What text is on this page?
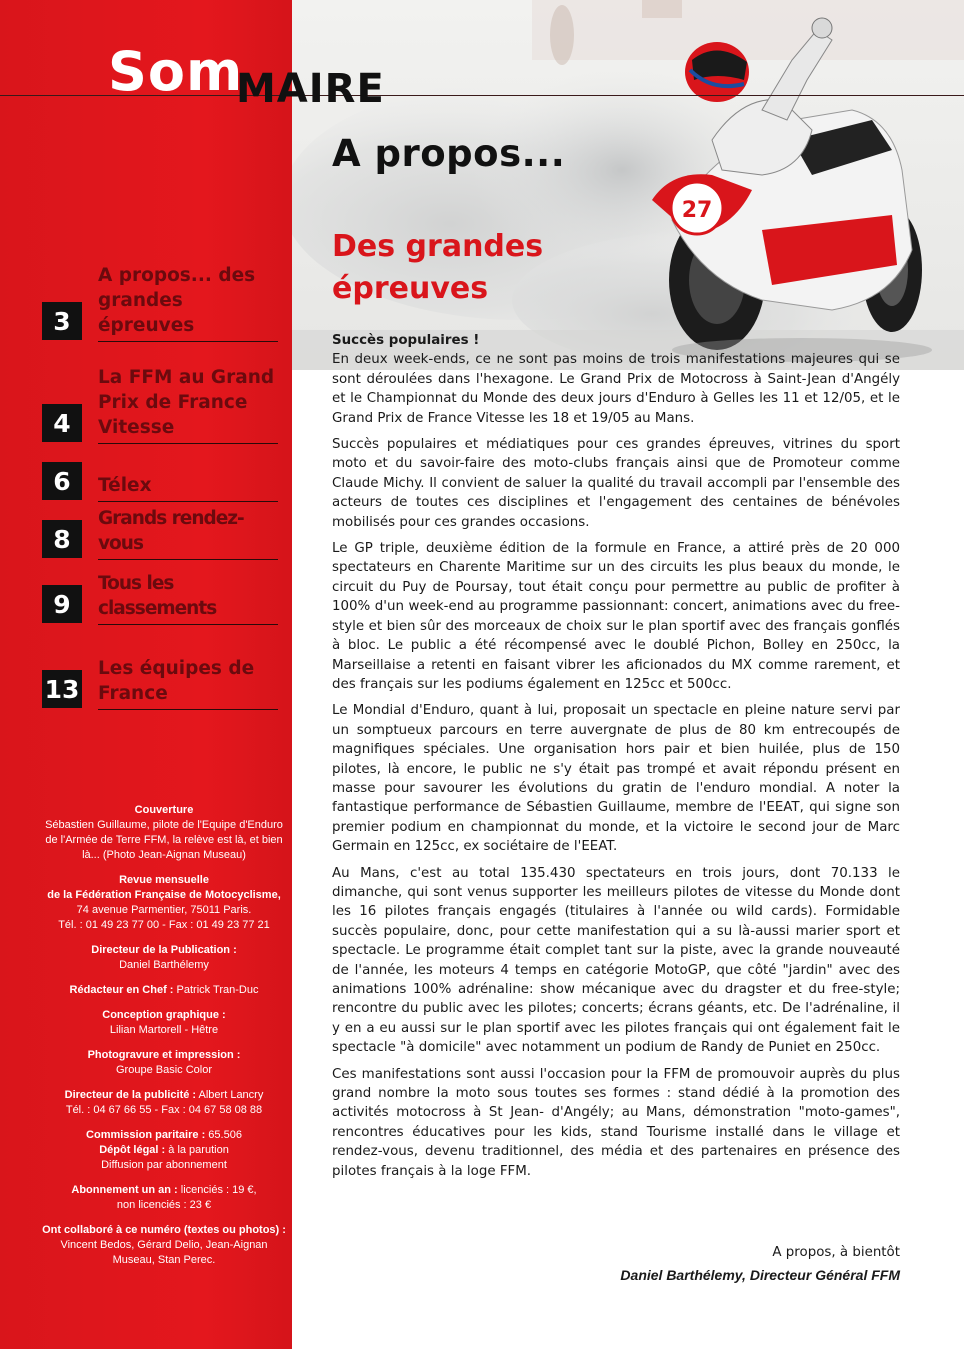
27
Som
MAIRE
3
A propos... des grandes épreuves
4
La FFM au Grand Prix de France Vitesse
6	Télex
8
Grands rendez-vous
9
Tous les classements
13
Les équipes de France
Couverture
Sébastien Guillaume, pilote de l'Equipe d'Enduro de l'Armée de Terre FFM, la relève est là, et bien là... (Photo Jean-Aignan Museau)
Revue mensuelle
de la Fédération Française de Motocyclisme,
74 avenue Parmentier, 75011 Paris.
Tél. : 01 49 23 77 00 - Fax : 01 49 23 77 21
Directeur de la Publication :
Daniel Barthélemy
Rédacteur en Chef : Patrick Tran-Duc
Conception graphique :
Lilian Martorell - Hêtre
Photogravure et impression :
Groupe Basic Color
Directeur de la publicité : Albert Lancry
Tél. : 04 67 66 55 - Fax : 04 67 58 08 88
Commission paritaire : 65.506
Dépôt légal : à la parution
Diffusion par abonnement
Abonnement un an : licenciés : 19 €,
non licenciés : 23 €
Ont collaboré à ce numéro (textes ou photos) :
Vincent Bedos, Gérard Delio, Jean-Aignan Museau, Stan Perec.
A propos...
Des grandes épreuves
Succès populaires !

En deux week-ends, ce ne sont pas moins de trois manifestations majeures qui se sont déroulées dans l'hexagone. Le Grand Prix de Motocross à Saint-Jean d'Angély et le Championnat du Monde des deux jours d'Enduro à Gelles les 11 et 12/05, et le Grand Prix de France Vitesse les 18 et 19/05 au Mans.

Succès populaires et médiatiques pour ces grandes épreuves, vitrines du sport moto et du savoir-faire des moto-clubs français ainsi que de Promoteur comme Claude Michy. Il convient de saluer la qualité du travail accompli par l'ensemble des acteurs de toutes ces disciplines et l'engagement des centaines de bénévoles mobilisés pour ces grandes occasions.

Le GP triple, deuxième édition de la formule en France, a attiré près de 20 000 spectateurs en Charente Maritime sur un des circuits les plus beaux du monde, le circuit du Puy de Poursay, tout était conçu pour permettre au public de profiter à 100% d'un week-end au programme passionnant: concert, animations avec du free-style et bien sûr des morceaux de choix sur le plan sportif avec des français gonflés à bloc. Le public a été récompensé avec le doublé Pichon, Bolley en 250cc, la Marseillaise a retenti en faisant vibrer les aficionados du MX comme rarement, et des français sur les podiums également en 125cc et 500cc.

Le Mondial d'Enduro, quant à lui, proposait un spectacle en pleine nature servi par un somptueux parcours en terre auvergnate de plus de 80 km entrecoupés de magnifiques spéciales. Une organisation hors pair et bien huilée, plus de 150 pilotes, là encore, le public ne s'y était pas trompé et avait répondu présent en masse pour savourer les évolutions du gratin de l'enduro mondial. A noter la fantastique performance de Sébastien Guillaume, membre de l'EEAT, qui signe son premier podium en championnat du monde, et la victoire le second jour de Marc Germain en 125cc, ex sociétaire de l'EEAT.

Au Mans, c'est au total 135.430 spectateurs en trois jours, dont 70.133 le dimanche, qui sont venus supporter les meilleurs pilotes de vitesse du Monde dont les 16 pilotes français engagés (titulaires à l'année ou wild cards). Formidable succès populaire, donc, pour cette manifestation qui a su là-aussi marier sport et spectacle. Le programme était complet tant sur la piste, avec la grande nouveauté de l'année, les moteurs 4 temps en catégorie MotoGP, que côté "jardin" avec des animations 100% adrénaline: show mécanique avec du dragster et du free-style; rencontre du public avec les pilotes; concerts; écrans géants, etc. De l'adrénaline, il y en a eu aussi sur le plan sportif avec les pilotes français qui ont également fait le spectacle "à domicile" avec notamment un podium de Randy de Puniet en 250cc.

Ces manifestations sont aussi l'occasion pour la FFM de promouvoir auprès du plus grand nombre la moto sous toutes ses formes : stand dédié à la promotion des activités motocross à St Jean- d'Angély; au Mans, démonstration "moto-games", rencontres éducatives pour les kids, stand Tourisme installé dans le village et rendez-vous, devenu traditionnel, des média et des partenaires en présence des pilotes français à la loge FFM.

A propos, à bientôt
Daniel Barthélemy, Directeur Général FFM
